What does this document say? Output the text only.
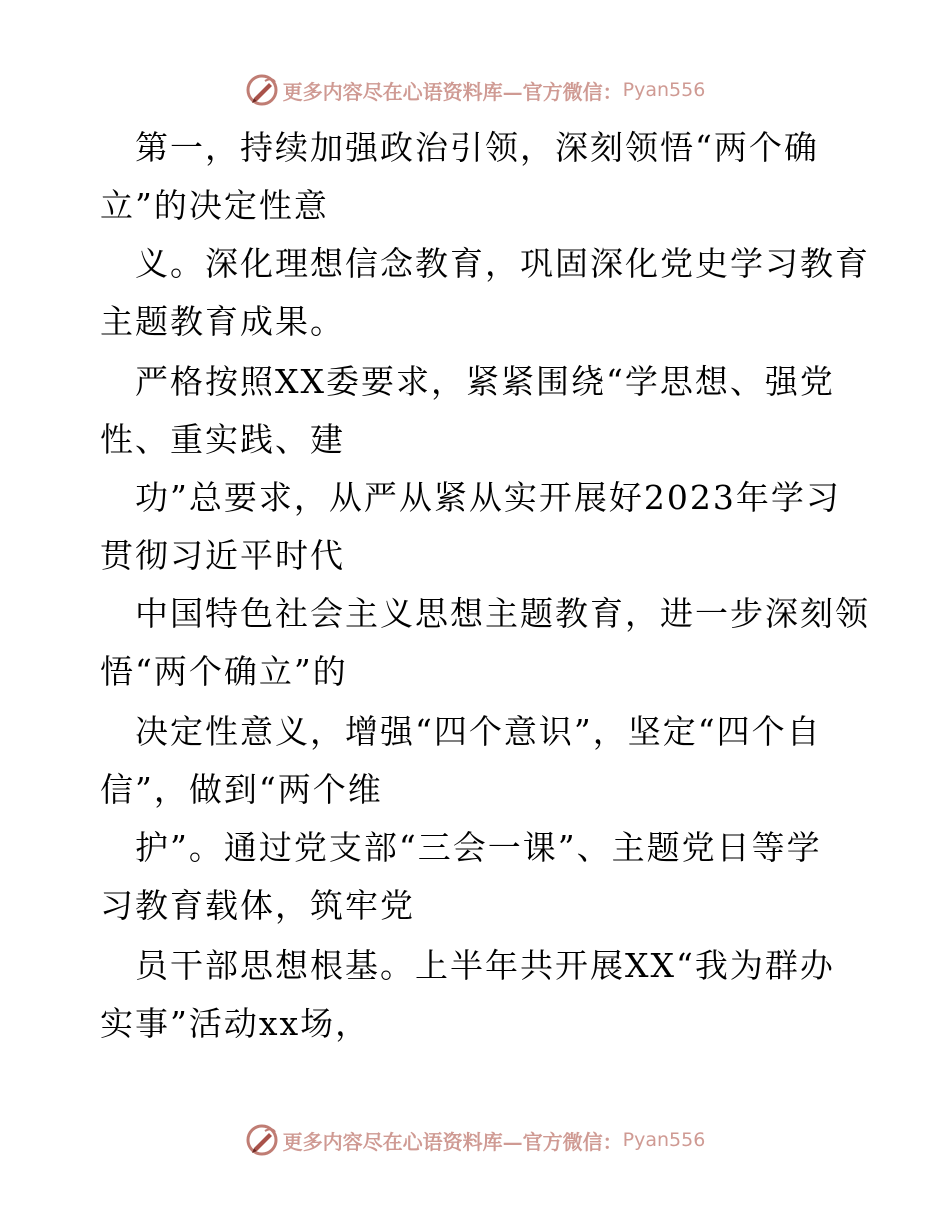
更多内容尽在心语资料库—官方微信： Pyan556
第一，持续加强政治引领，深刻领悟“两个确
立”的决定性意
义。深化理想信念教育，巩固深化党史学习教育
主题教育成果。
严格按照XX委要求，紧紧围绕“学思想、强党
性、重实践、建
功”总要求，从严从紧从实开展好2023年学习
贯彻习近平时代
中国特色社会主义思想主题教育，进一步深刻领
悟“两个确立”的
决定性意义，增强“四个意识”，坚定“四个自
信”，做到“两个维
护”。通过党支部“三会一课”、主题党日等学
习教育载体，筑牢党
员干部思想根基。上半年共开展XX“我为群办
实事”活动xx场，
更多内容尽在心语资料库—官方微信： Pyan556
